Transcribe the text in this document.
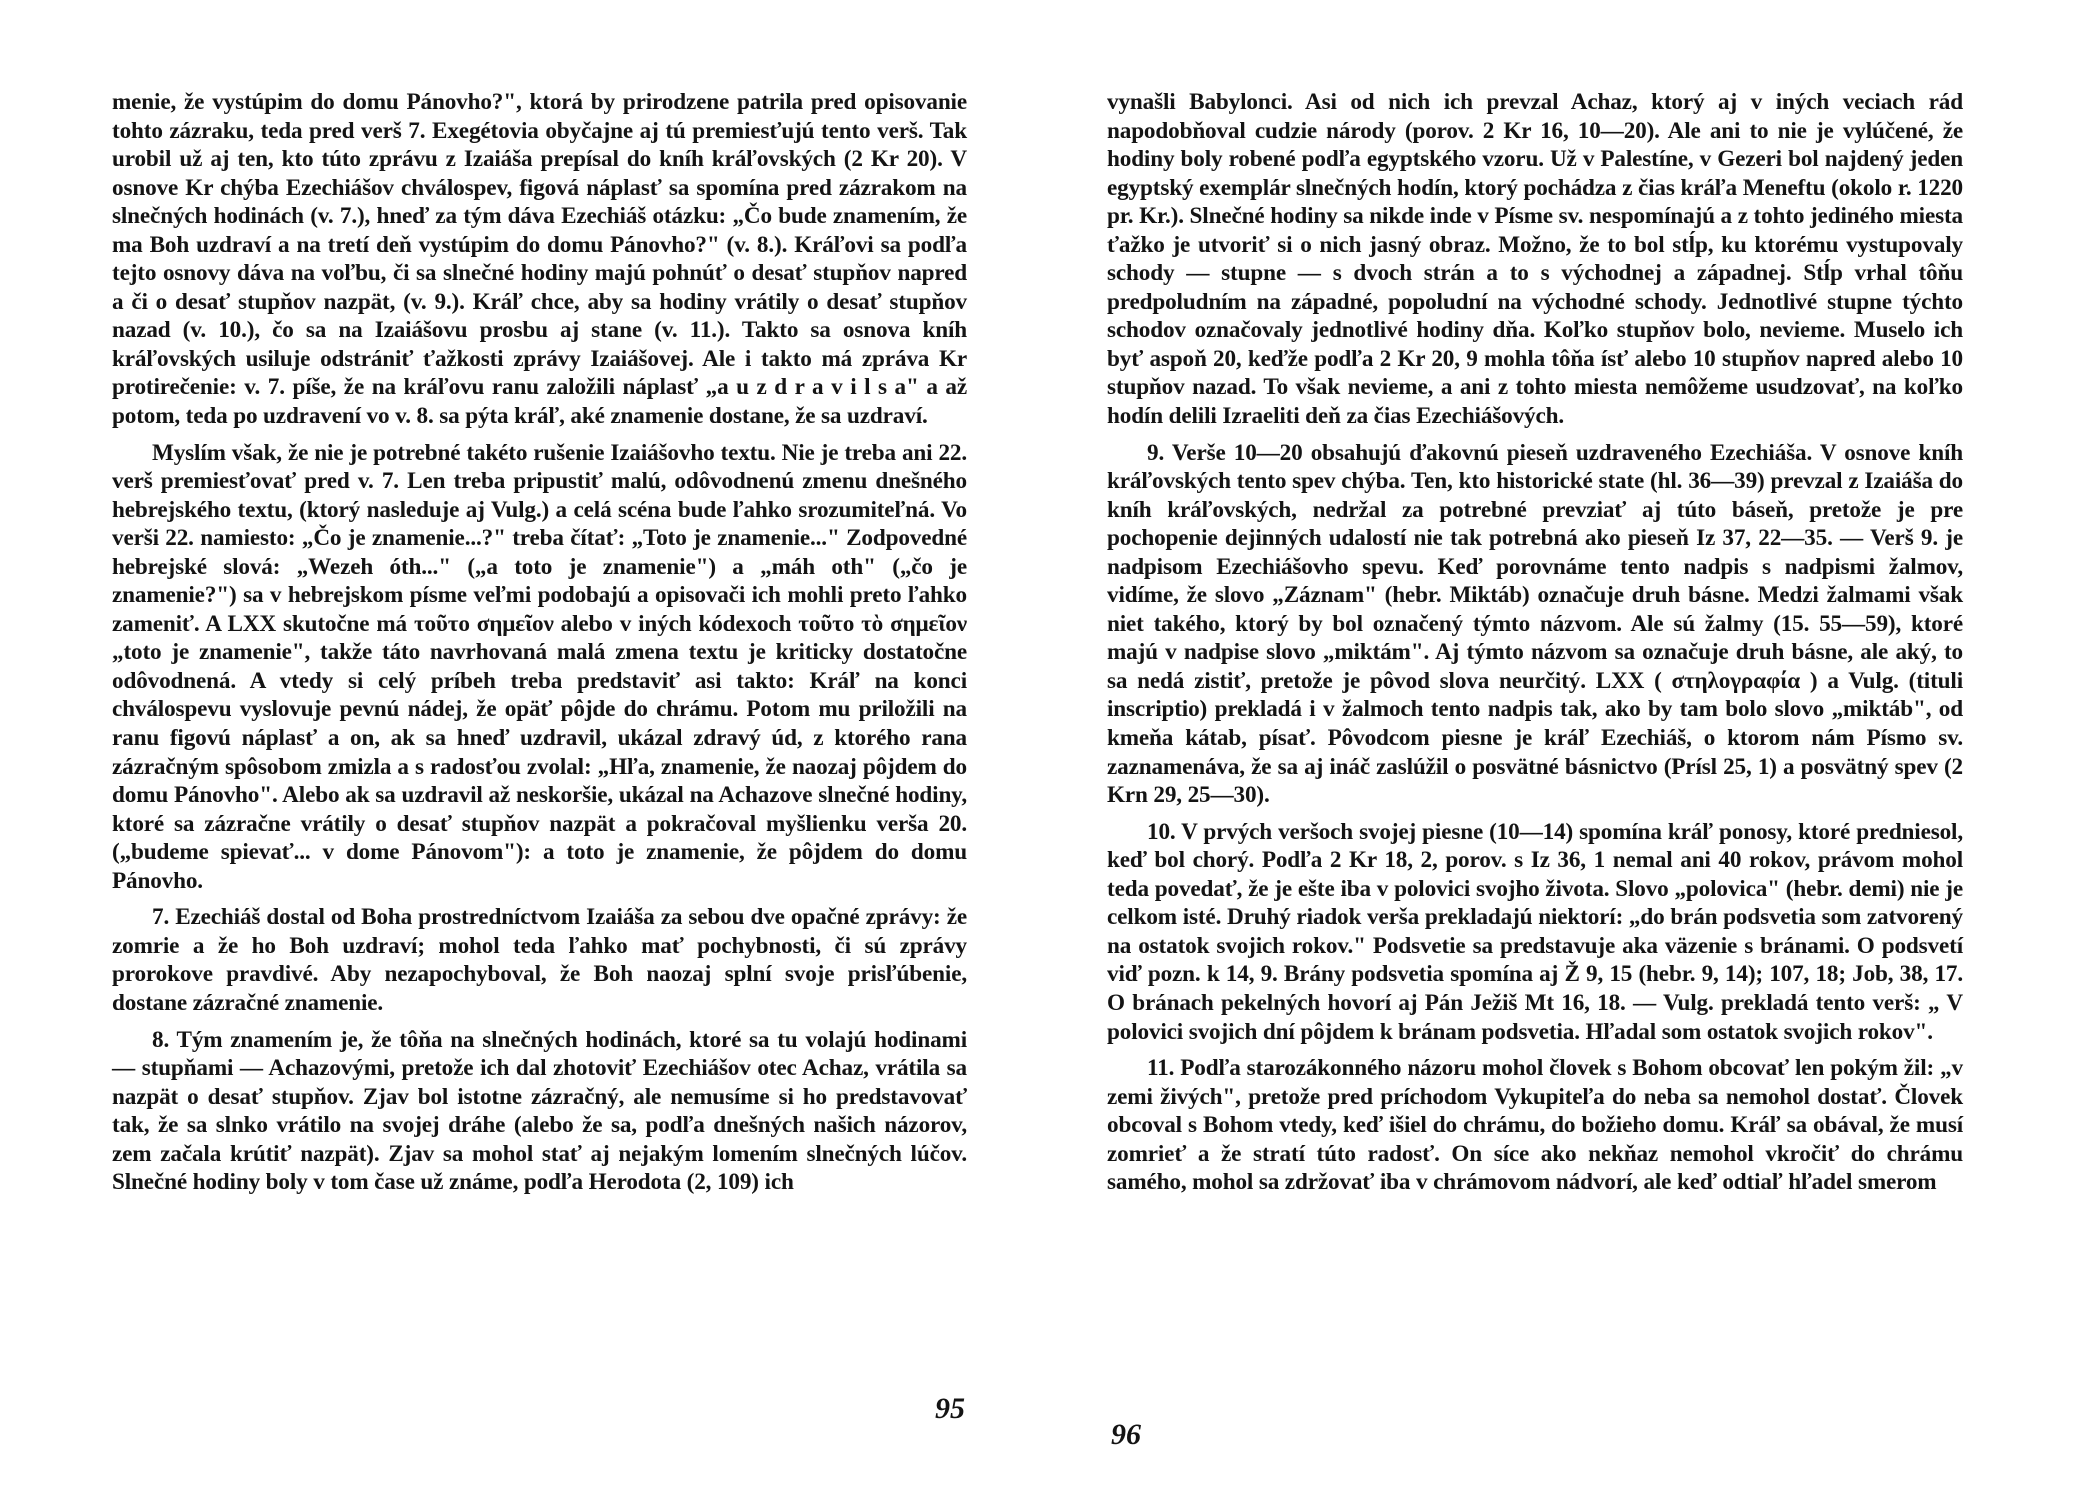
menie, že vystúpim do domu Pánovho?", ktorá by prirodzene patrila pred opisovanie tohto zázraku, teda pred verš 7. Exegétovia obyčajne aj tú premiesťujú tento verš. Tak urobil už aj ten, kto túto zprávu z Izaiáša prepísal do kníh kráľovských (2 Kr 20). V osnove Kr chýba Ezechiášov chválospev, figová náplasť sa spomína pred zázrakom na slnečných hodinách (v. 7.), hneď za tým dáva Ezechiáš otázku: „Čo bude znamením, že ma Boh uzdraví a na tretí deň vystúpim do domu Pánovho?" (v. 8.). Kráľovi sa podľa tejto osnovy dáva na voľbu, či sa slnečné hodiny majú pohnúť o desať stupňov napred a či o desať stupňov nazpät, (v. 9.). Kráľ chce, aby sa hodiny vrátily o desať stupňov nazad (v. 10.), čo sa na Izaiášovu prosbu aj stane (v. 11.). Takto sa osnova kníh kráľovských usiluje odstrániť ťažkosti zprávy Izaiášovej. Ale i takto má zpráva Kr protirečenie: v. 7. píše, že na kráľovu ranu založili náplasť „a u z d r a v i l s a" a až potom, teda po uzdravení vo v. 8. sa pýta kráľ, aké znamenie dostane, že sa uzdraví.

Myslím však, že nie je potrebné takéto rušenie Izaiášovho textu. Nie je treba ani 22. verš premiesťovať pred v. 7. Len treba pripustiť malú, odôvodnenú zmenu dnešného hebrejského textu, (ktorý nasleduje aj Vulg.) a celá scéna bude ľahko srozumiteľná. Vo verši 22. namiesto: „Čo je znamenie...?" treba čítať: „Toto je znamenie..." Zodpovedné hebrejské slová: „Wezeh óth..." („a toto je znamenie") a „máh oth" („čo je znamenie?") sa v hebrejskom písme veľmi podobajú a opisovači ich mohli preto ľahko zameniť. A LXX skutočne má τοῦτο σημεῖον alebo v iných kódexoch τοῦτο τὸ σημεῖον „toto je znamenie", takže táto navrhovaná malá zmena textu je kriticky dostatočne odôvodnená. A vtedy si celý príbeh treba predstaviť asi takto: Kráľ na konci chválospevu vyslovuje pevnú nádej, že opäť pôjde do chrámu. Potom mu priložili na ranu figovú náplasť a on, ak sa hneď uzdravil, ukázal zdravý úd, z ktorého rana zázračným spôsobom zmizla a s radosťou zvolal: „Hľa, znamenie, že naozaj pôjdem do domu Pánovho". Alebo ak sa uzdravil až neskoršie, ukázal na Achazove slnečné hodiny, ktoré sa zázračne vrátily o desať stupňov nazpät a pokračoval myšlienku verša 20. („budeme spievať... v dome Pánovom"): a toto je znamenie, že pôjdem do domu Pánovho.

7. Ezechiáš dostal od Boha prostredníctvom Izaiáša za sebou dve opačné zprávy: že zomrie a že ho Boh uzdraví; mohol teda ľahko mať pochybnosti, či sú zprávy prorokove pravdivé. Aby nezapochyboval, že Boh naozaj splní svoje prisľúbenie, dostane zázračné znamenie.

8. Tým znamením je, že tôňa na slnečných hodinách, ktoré sa tu volajú hodinami — stupňami — Achazovými, pretože ich dal zhotoviť Ezechiášov otec Achaz, vrátila sa nazpät o desať stupňov. Zjav bol istotne zázračný, ale nemusíme si ho predstavovať tak, že sa slnko vrátilo na svojej dráhe (alebo že sa, podľa dnešných našich názorov, zem začala krútiť nazpät). Zjav sa mohol stať aj nejakým lomením slnečných lúčov. Slnečné hodiny boly v tom čase už známe, podľa Herodota (2, 109) ich

95

vynašli Babylonci. Asi od nich ich prevzal Achaz, ktorý aj v iných veciach rád napodobňoval cudzie národy (porov. 2 Kr 16, 10—20). Ale ani to nie je vylúčené, že hodiny boly robené podľa egyptského vzoru. Už v Palestíne, v Gezeri bol najdený jeden egyptský exemplár slnečných hodín, ktorý pochádza z čias kráľa Meneftu (okolo r. 1220 pr. Kr.). Slnečné hodiny sa nikde inde v Písme sv. nespomínajú a z tohto jediného miesta ťažko je utvoriť si o nich jasný obraz. Možno, že to bol stĺp, ku ktorému vystupovaly schody — stupne — s dvoch strán a to s východnej a západnej. Stĺp vrhal tôňu predpoludním na západné, popoludní na východné schody. Jednotlivé stupne týchto schodov označovaly jednotlivé hodiny dňa. Koľko stupňov bolo, nevieme. Muselo ich byť aspoň 20, keďže podľa 2 Kr 20, 9 mohla tôňa ísť alebo 10 stupňov napred alebo 10 stupňov nazad. To však nevieme, a ani z tohto miesta nemôžeme usudzovať, na koľko hodín delili Izraeliti deň za čias Ezechiášových.

9. Verše 10—20 obsahujú ďakovnú pieseň uzdraveného Ezechiáša. V osnove kníh kráľovských tento spev chýba. Ten, kto historické state (hl. 36—39) prevzal z Izaiáša do kníh kráľovských, nedržal za potrebné prevziať aj túto báseň, pretože je pre pochopenie dejinných udalostí nie tak potrebná ako pieseň Iz 37, 22—35. — Verš 9. je nadpisom Ezechiášovho spevu. Keď porovnáme tento nadpis s nadpismi žalmov, vidíme, že slovo „Záznam" (hebr. Miktáb) označuje druh básne. Medzi žalmami však niet takého, ktorý by bol označený týmto názvom. Ale sú žalmy (15. 55—59), ktoré majú v nadpise slovo „miktám". Aj týmto názvom sa označuje druh básne, ale aký, to sa nedá zistiť, pretože je pôvod slova neurčitý. LXX ( στηλογραφία ) a Vulg. (tituli inscriptio) prekladá i v žalmoch tento nadpis tak, ako by tam bolo slovo „miktáb", od kmeňa kátab, písať. Pôvodcom piesne je kráľ Ezechiáš, o ktorom nám Písmo sv. zaznamenáva, že sa aj ináč zaslúžil o posvätné básnictvo (Prísl 25, 1) a posvätný spev (2 Krn 29, 25—30).

10. V prvých veršoch svojej piesne (10—14) spomína kráľ ponosy, ktoré predniesol, keď bol chorý. Podľa 2 Kr 18, 2, porov. s Iz 36, 1 nemal ani 40 rokov, právom mohol teda povedať, že je ešte iba v polovici svojho života. Slovo „polovica" (hebr. demi) nie je celkom isté. Druhý riadok verša prekladajú niektorí: „do brán podsvetia som zatvorený na ostatok svojich rokov." Podsvetie sa predstavuje aka väzenie s bránami. O podsvetí viď pozn. k 14, 9. Brány podsvetia spomína aj Ž 9, 15 (hebr. 9, 14); 107, 18; Job, 38, 17. O bránach pekelných hovorí aj Pán Ježiš Mt 16, 18. — Vulg. prekladá tento verš: „ V polovici svojich dní pôjdem k bránam podsvetia. Hľadal som ostatok svojich rokov".

11. Podľa starozákonného názoru mohol človek s Bohom obcovať len pokým žil: „v zemi živých", pretože pred príchodom Vykupiteľa do neba sa nemohol dostať. Človek obcoval s Bohom vtedy, keď išiel do chrámu, do božieho domu. Kráľ sa obával, že musí zomrieť a že stratí túto radosť. On síce ako nekňaz nemohol vkročiť do chrámu samého, mohol sa zdržovať iba v chrámovom nádvorí, ale keď odtiaľ hľadel smerom

96
